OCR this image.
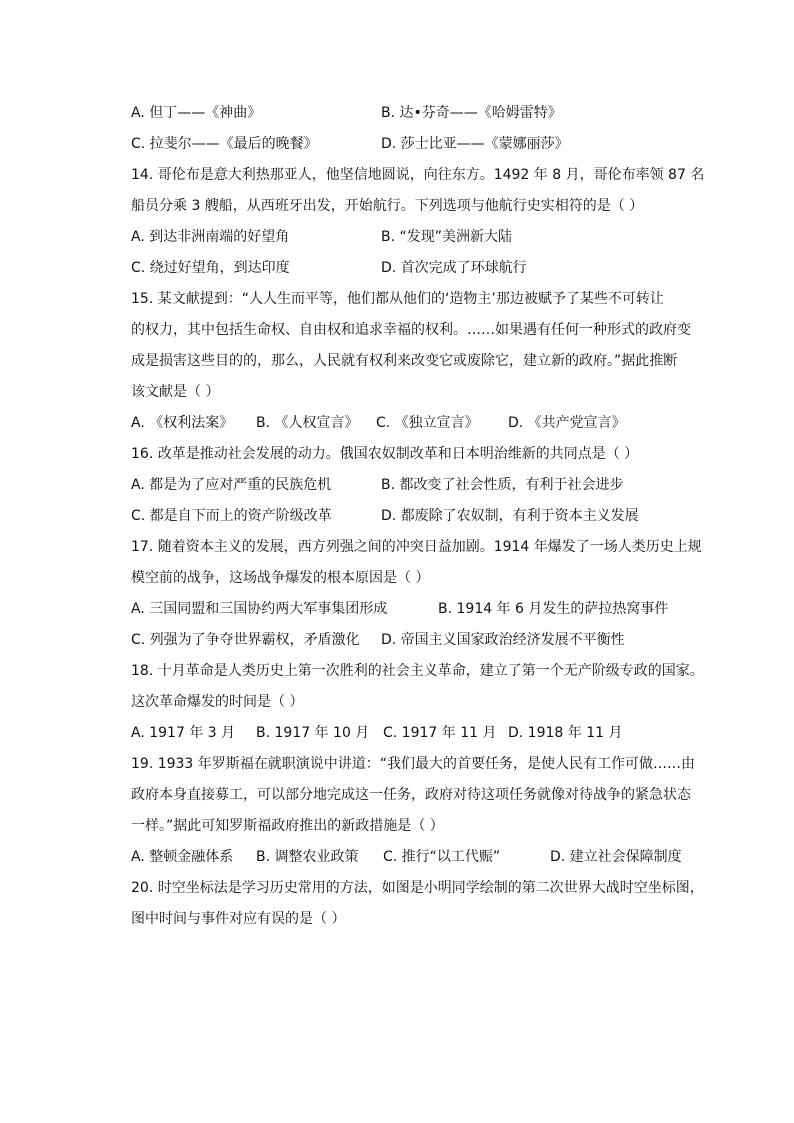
A. 但丁——《神曲》	B. 达•芬奇——《哈姆雷特》
C. 拉斐尔——《最后的晚餐》	D. 莎士比亚——《蒙娜丽莎》
14. 哥伦布是意大利热那亚人，他坚信地圆说，向往东方。1492 年 8 月，哥伦布率领 87 名
船员分乘 3 艘船，从西班牙出发，开始航行。下列选项与他航行史实相符的是（ ）
A. 到达非洲南端的好望角	B. “发现”美洲新大陆
C. 绕过好望角，到达印度	D. 首次完成了环球航行
15. 某文献提到：“人人生而平等，他们都从他们的‘造物主’那边被赋予了某些不可转让
的权力，其中包括生命权、自由权和追求幸福的权利。……如果遇有任何一种形式的政府变
成是损害这些目的的，那么，人民就有权利来改变它或废除它，建立新的政府。”据此推断
该文献是（ ）
A. 《权利法案》 B. 《人权宣言》 C. 《独立宣言》 D. 《共产党宣言》
16. 改革是推动社会发展的动力。俄国农奴制改革和日本明治维新的共同点是（ ）
A. 都是为了应对严重的民族危机	B. 都改变了社会性质，有利于社会进步
C. 都是自下而上的资产阶级改革	D. 都废除了农奴制，有利于资本主义发展
17. 随着资本主义的发展，西方列强之间的冲突日益加剧。1914 年爆发了一场人类历史上规
模空前的战争，这场战争爆发的根本原因是（ ）
A. 三国同盟和三国协约两大军事集团形成	B. 1914 年 6 月发生的萨拉热窝事件
C. 列强为了争夺世界霸权，矛盾激化 D. 帝国主义国家政治经济发展不平衡性
18. 十月革命是人类历史上第一次胜利的社会主义革命，建立了第一个无产阶级专政的国家。
这次革命爆发的时间是（ ）
A. 1917 年 3 月 B. 1917 年 10 月 C. 1917 年 11 月 D. 1918 年 11 月
19. 1933 年罗斯福在就职演说中讲道：“我们最大的首要任务，是使人民有工作可做……由
政府本身直接募工，可以部分地完成这一任务，政府对待这项任务就像对待战争的紧急状态
一样。”据此可知罗斯福政府推出的新政措施是（ ）
A. 整顿金融体系 B. 调整农业政策 C. 推行“以工代赈”	D. 建立社会保障制度
20. 时空坐标法是学习历史常用的方法，如图是小明同学绘制的第二次世界大战时空坐标图，
图中时间与事件对应有误的是（ ）
